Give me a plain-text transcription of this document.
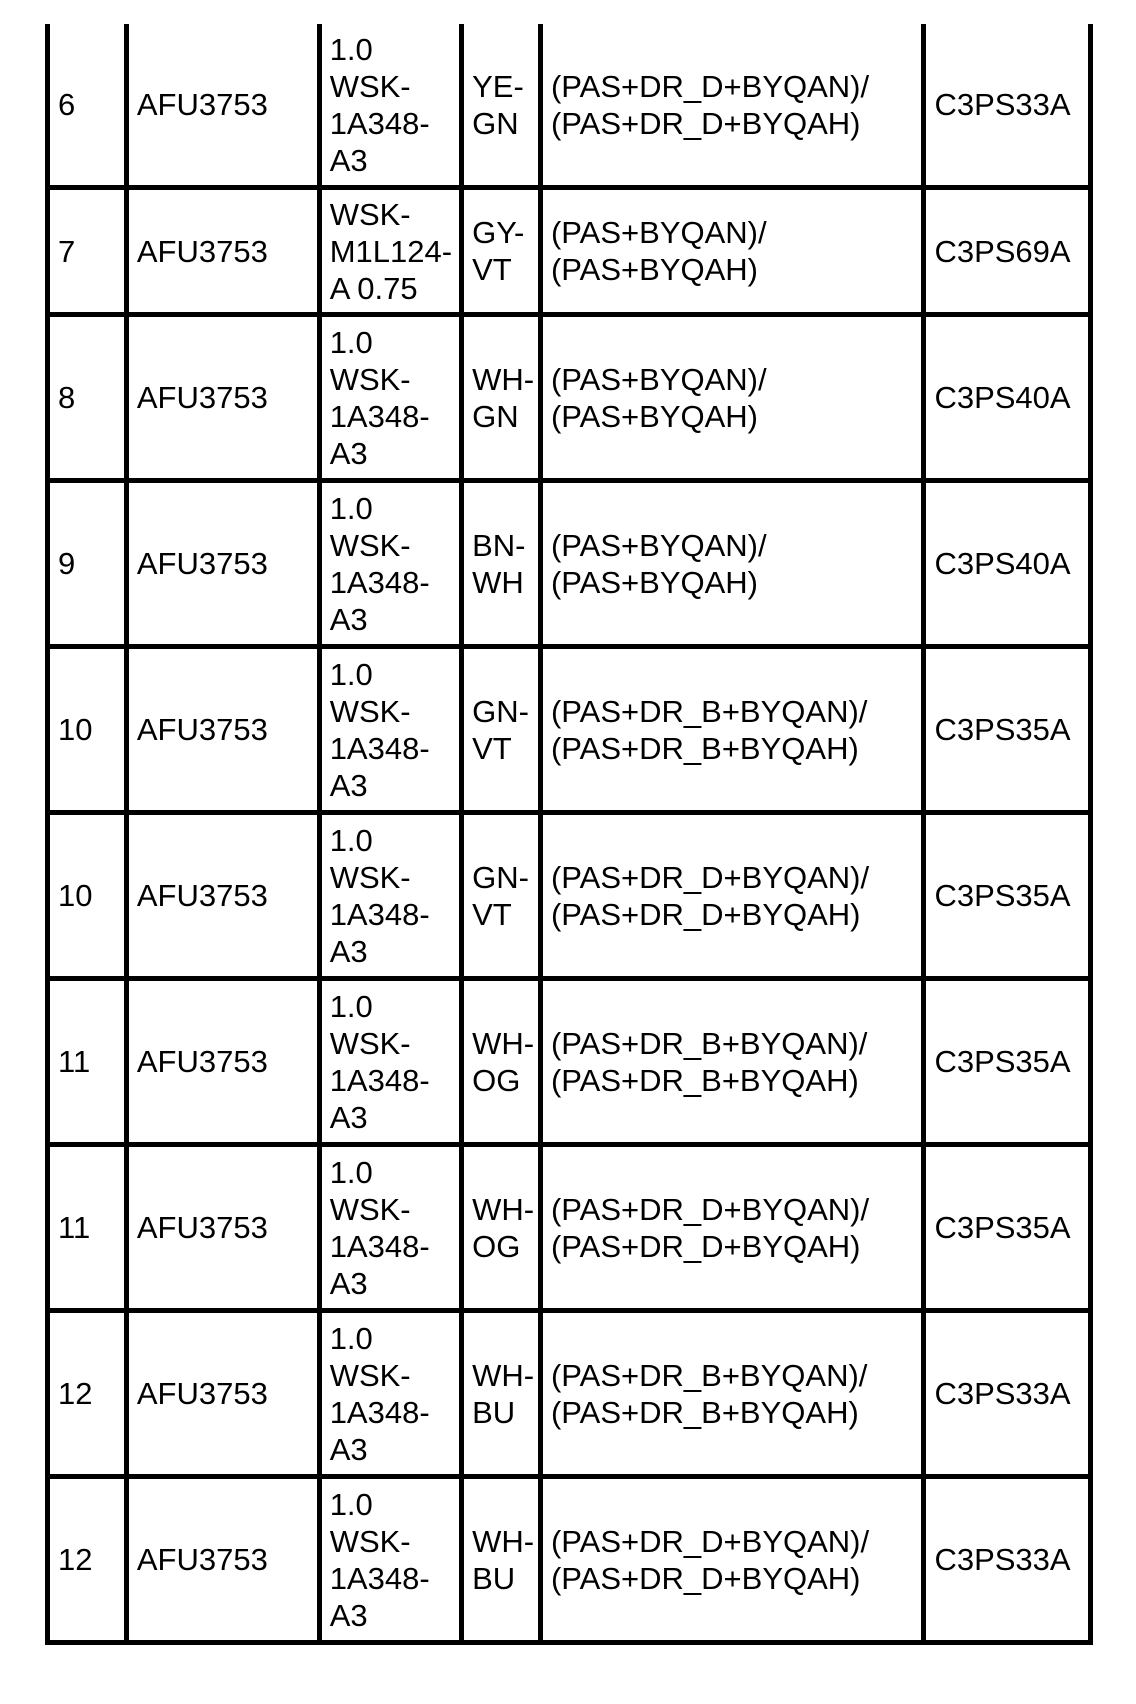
6	AFU3753	1.0
WSK-
1A348-
A3	YE-
GN	(PAS+DR_D+BYQAN)/
(PAS+DR_D+BYQAH)	C3PS33A
7	AFU3753	WSK-
M1L124-
A 0.75	GY-
VT	(PAS+BYQAN)/
(PAS+BYQAH)	C3PS69A
8	AFU3753	1.0
WSK-
1A348-
A3	WH-
GN	(PAS+BYQAN)/
(PAS+BYQAH)	C3PS40A
9	AFU3753	1.0
WSK-
1A348-
A3	BN-
WH	(PAS+BYQAN)/
(PAS+BYQAH)	C3PS40A
10	AFU3753	1.0
WSK-
1A348-
A3	GN-
VT	(PAS+DR_B+BYQAN)/
(PAS+DR_B+BYQAH)	C3PS35A
10	AFU3753	1.0
WSK-
1A348-
A3	GN-
VT	(PAS+DR_D+BYQAN)/
(PAS+DR_D+BYQAH)	C3PS35A
11	AFU3753	1.0
WSK-
1A348-
A3	WH-
OG	(PAS+DR_B+BYQAN)/
(PAS+DR_B+BYQAH)	C3PS35A
11	AFU3753	1.0
WSK-
1A348-
A3	WH-
OG	(PAS+DR_D+BYQAN)/
(PAS+DR_D+BYQAH)	C3PS35A
12	AFU3753	1.0
WSK-
1A348-
A3	WH-
BU	(PAS+DR_B+BYQAN)/
(PAS+DR_B+BYQAH)	C3PS33A
12	AFU3753	1.0
WSK-
1A348-
A3	WH-
BU	(PAS+DR_D+BYQAN)/
(PAS+DR_D+BYQAH)	C3PS33A
